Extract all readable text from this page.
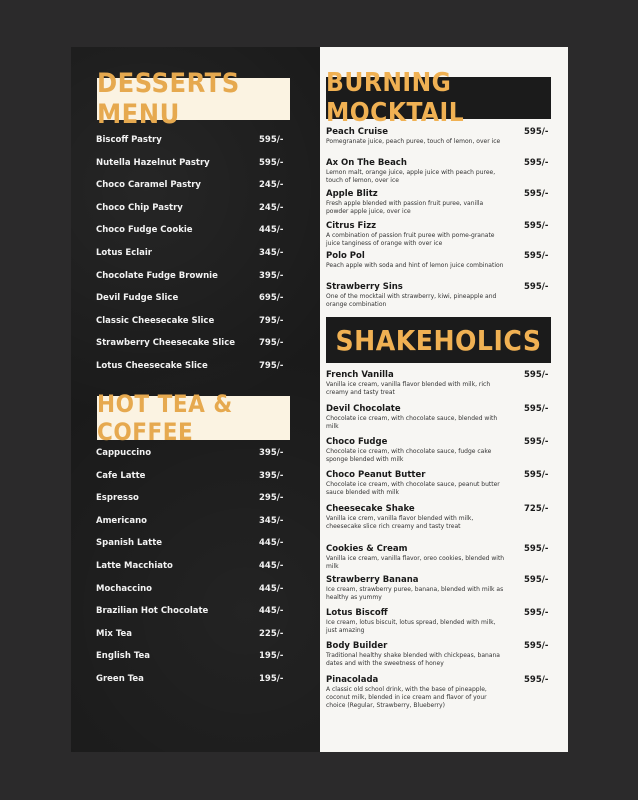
DESSERTS MENU
Biscoff Pastry	595/-
Nutella Hazelnut Pastry	595/-
Choco Caramel Pastry	245/-
Choco Chip Pastry	245/-
Choco Fudge Cookie	445/-
Lotus Eclair	345/-
Chocolate Fudge Brownie	395/-
Devil Fudge Slice	695/-
Classic Cheesecake Slice	795/-
Strawberry Cheesecake Slice	795/-
Lotus Cheesecake Slice	795/-
HOT TEA & COFFEE
Cappuccino	395/-
Cafe Latte	395/-
Espresso	295/-
Americano	345/-
Spanish Latte	445/-
Latte Macchiato	445/-
Mochaccino	445/-
Brazilian Hot Chocolate	445/-
Mix Tea	225/-
English Tea	195/-
Green Tea	195/-
BURNING MOCKTAIL
Peach Cruise	595/-
Pomegranate juice, peach puree, touch of lemon, over ice
Ax On The Beach	595/-
Lemon malt, orange juice, apple juice with peach puree, touch of lemon, over ice
Apple Blitz	595/-
Fresh apple blended with passion fruit puree, vanilla powder apple juice, over ice
Citrus Fizz	595/-
A combination of passion fruit puree with pome-granate juice tanginess of orange with over ice
Polo Pol	595/-
Peach apple with soda and hint of lemon juice combination
Strawberry Sins	595/-
One of the mocktail with strawberry, kiwi, pineapple and orange combination
SHAKEHOLICS
French Vanilla	595/-
Vanilla ice cream, vanilla flavor blended with milk, rich creamy and tasty treat
Devil Chocolate	595/-
Chocolate ice cream, with chocolate sauce, blended with milk
Choco Fudge	595/-
Chocolate ice cream, with chocolate sauce, fudge cake sponge blended with milk
Choco Peanut Butter	595/-
Chocolate ice cream, with chocolate sauce, peanut butter sauce blended with milk
Cheesecake Shake	725/-
Vanilla ice crem, vanilla flavor blended with milk, cheesecake slice rich creamy and tasty treat
Cookies & Cream	595/-
Vanilla ice cream, vanilla flavor, oreo cookies, blended with milk
Strawberry Banana	595/-
Ice cream, strawberry puree, banana, blended with milk as healthy as yummy
Lotus Biscoff	595/-
Ice cream, lotus biscuit, lotus spread, blended with milk, just amazing
Body Builder	595/-
Traditional healthy shake blended with chickpeas, banana dates and with the sweetness of honey
Pinacolada	595/-
A classic old school drink, with the base of pineapple, coconut milk, blended in ice cream and flavor of your choice (Regular, Strawberry, Blueberry)
